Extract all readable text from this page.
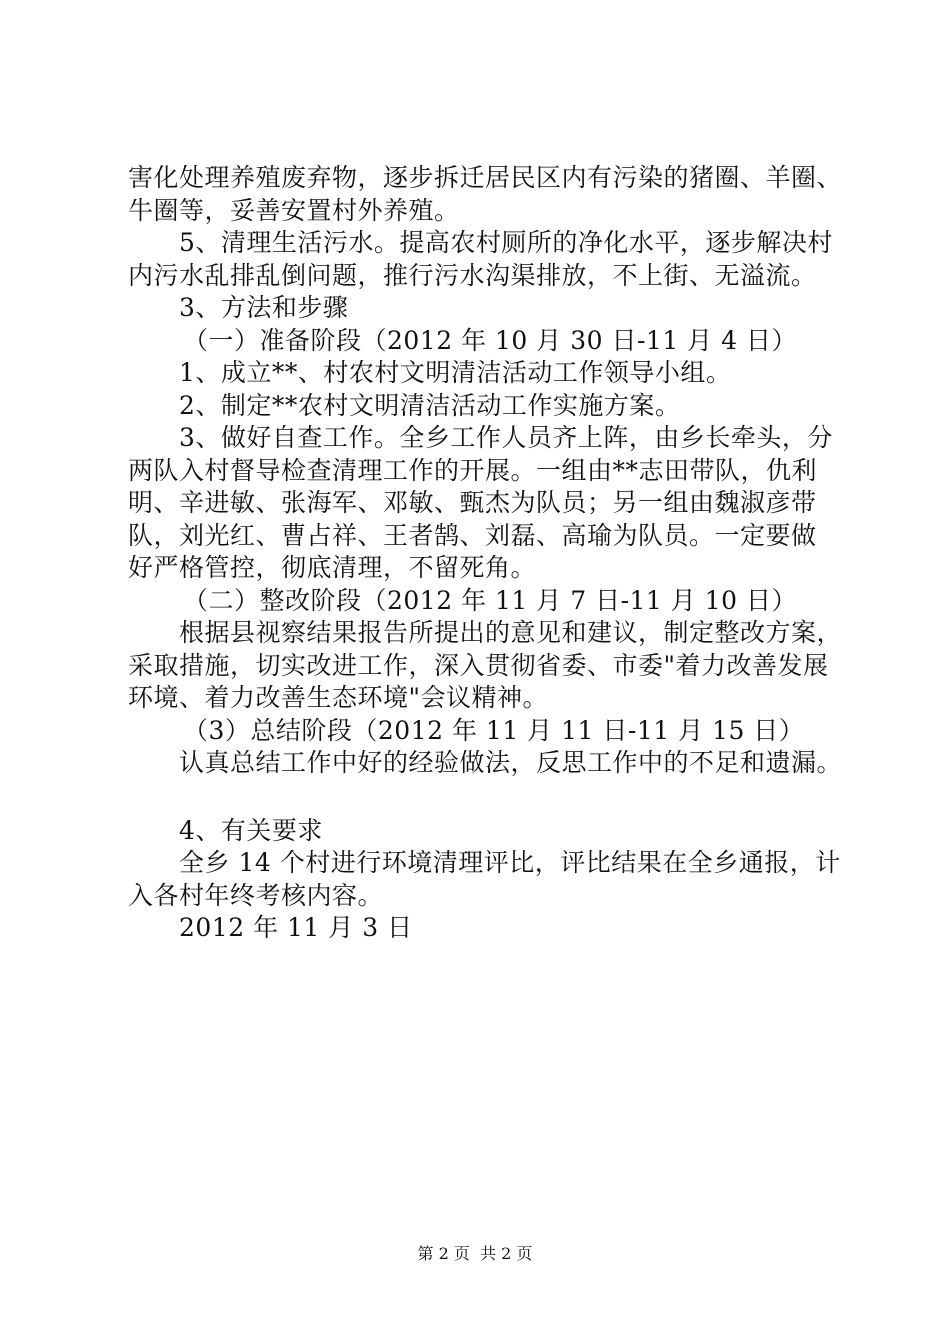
害化处理养殖废弃物，逐步拆迁居民区内有污染的猪圈、羊圈、
牛圈等，妥善安置村外养殖。
5、清理生活污水。提高农村厕所的净化水平，逐步解决村
内污水乱排乱倒问题，推行污水沟渠排放，不上街、无溢流。
3、方法和步骤
（一）准备阶段（2012 年 10 月 30 日-11 月 4 日）
1、成立**、村农村文明清洁活动工作领导小组。
2、制定**农村文明清洁活动工作实施方案。
3、做好自查工作。全乡工作人员齐上阵，由乡长牵头，分
两队入村督导检查清理工作的开展。一组由**志田带队，仇利
明、辛进敏、张海军、邓敏、甄杰为队员；另一组由魏淑彦带
队，刘光红、曹占祥、王者鹄、刘磊、高瑜为队员。一定要做
好严格管控，彻底清理，不留死角。
（二）整改阶段（2012 年 11 月 7 日-11 月 10 日）
根据县视察结果报告所提出的意见和建议，制定整改方案，
采取措施，切实改进工作，深入贯彻省委、市委"着力改善发展
环境、着力改善生态环境"会议精神。
（3）总结阶段（2012 年 11 月 11 日-11 月 15 日）
认真总结工作中好的经验做法，反思工作中的不足和遗漏。
4、有关要求
全乡 14 个村进行环境清理评比，评比结果在全乡通报，计
入各村年终考核内容。
2012 年 11 月 3 日
第 2 页  共 2 页
